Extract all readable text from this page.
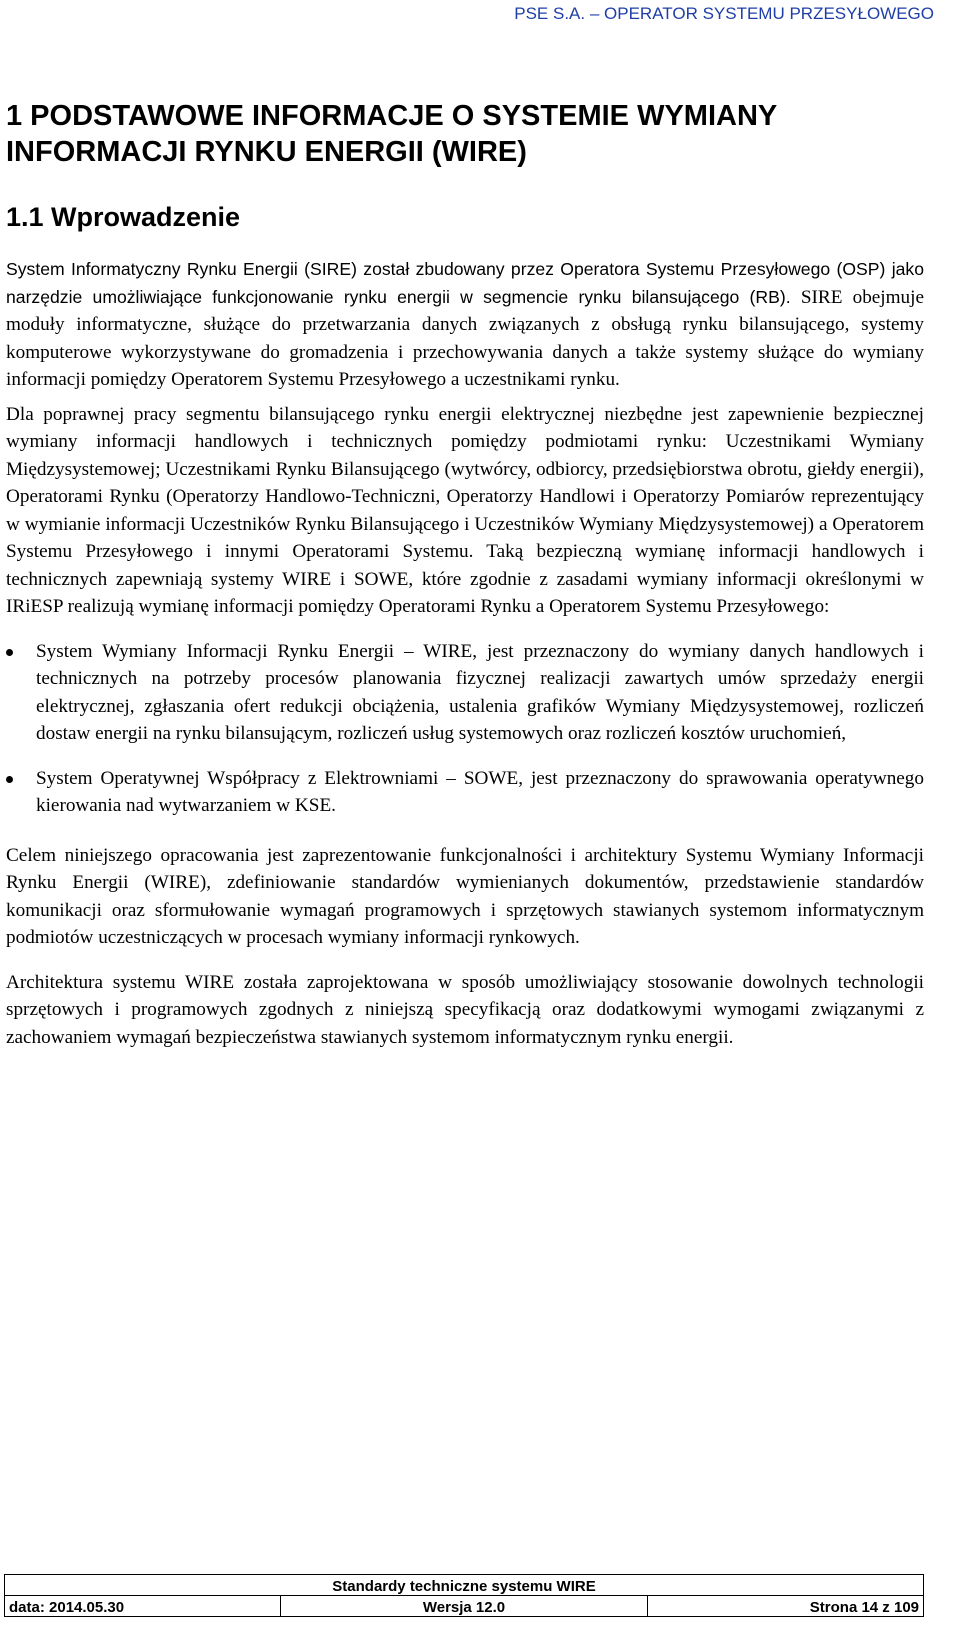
PSE S.A. – OPERATOR SYSTEMU PRZESYŁOWEGO
1 PODSTAWOWE INFORMACJE O SYSTEMIE WYMIANY INFORMACJI RYNKU ENERGII (WIRE)
1.1 Wprowadzenie

System Informatyczny Rynku Energii (SIRE) został zbudowany przez Operatora Systemu Przesyłowego (OSP) jako narzędzie umożliwiające funkcjonowanie rynku energii w segmencie rynku bilansującego (RB). SIRE obejmuje moduły informatyczne, służące do przetwarzania danych związanych z obsługą rynku bilansującego, systemy komputerowe wykorzystywane do gromadzenia i przechowywania danych a także systemy służące do wymiany informacji pomiędzy Operatorem Systemu Przesyłowego a uczestnikami rynku.

Dla poprawnej pracy segmentu bilansującego rynku energii elektrycznej niezbędne jest zapewnienie bezpiecznej wymiany informacji handlowych i technicznych pomiędzy podmiotami rynku: Uczestnikami Wymiany Międzysystemowej; Uczestnikami Rynku Bilansującego (wytwórcy, odbiorcy, przedsiębiorstwa obrotu, giełdy energii), Operatorami Rynku (Operatorzy Handlowo-Techniczni, Operatorzy Handlowi i Operatorzy Pomiarów reprezentujący w wymianie informacji Uczestników Rynku Bilansującego i Uczestników Wymiany Międzysystemowej) a Operatorem Systemu Przesyłowego i innymi Operatorami Systemu. Taką bezpieczną wymianę informacji handlowych i technicznych zapewniają systemy WIRE i SOWE, które zgodnie z zasadami wymiany informacji określonymi w IRiESP realizują wymianę informacji pomiędzy Operatorami Rynku a Operatorem Systemu Przesyłowego:

System Wymiany Informacji Rynku Energii – WIRE, jest przeznaczony do wymiany danych handlowych i technicznych na potrzeby procesów planowania fizycznej realizacji zawartych umów sprzedaży energii elektrycznej, zgłaszania ofert redukcji obciążenia, ustalenia grafików Wymiany Międzysystemowej, rozliczeń dostaw energii na rynku bilansującym, rozliczeń usług systemowych oraz rozliczeń kosztów uruchomień,
System Operatywnej Współpracy z Elektrowniami – SOWE, jest przeznaczony do sprawowania operatywnego kierowania nad wytwarzaniem w KSE.

Celem niniejszego opracowania jest zaprezentowanie funkcjonalności i architektury Systemu Wymiany Informacji Rynku Energii (WIRE), zdefiniowanie standardów wymienianych dokumentów, przedstawienie standardów komunikacji oraz sformułowanie wymagań programowych i sprzętowych stawianych systemom informatycznym podmiotów uczestniczących w procesach wymiany informacji rynkowych.

Architektura systemu WIRE została zaprojektowana w sposób umożliwiający stosowanie dowolnych technologii sprzętowych i programowych zgodnych z niniejszą specyfikacją oraz dodatkowymi wymogami związanymi z zachowaniem wymagań bezpieczeństwa stawianych systemom informatycznym rynku energii.

Standardy techniczne systemu WIRE
data: 2014.05.30	Wersja 12.0	Strona 14 z 109
